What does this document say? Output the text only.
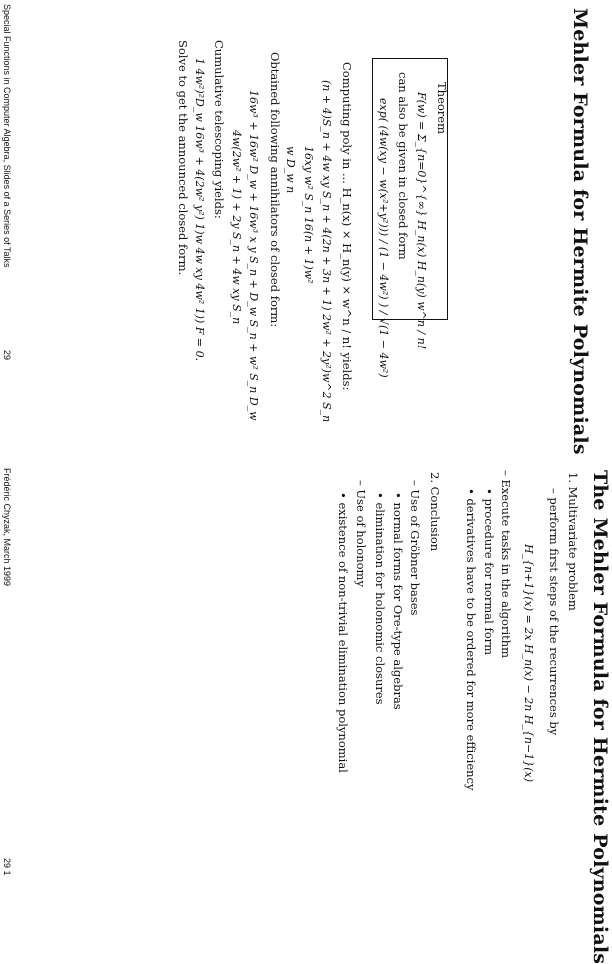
Mehler Formula for Hermite Polynomials
Theorem
F(w) = Σ_{n=0}^{∞} H_n(x) H_n(y) w^n / n!
can also be given in closed form
exp( (4w(xy − w(x²+y²))) / (1 − 4w²) ) / √(1 − 4w²)
Computing poly in ... H_n(x) × H_n(y) × w^n / n! yields:
(n + 4)S_n + 4w xy S_n + 4(2n + 3n + 1) 2w² + 2y²)w^2 S_n
16xy w² S_n 16(n + 1)w²
w D_w n
Obtained following annihilators of closed form:
16w³ + 16w² D_w + 16w³ x y S_n + D_w S_n + w² S_n D_w
4w(2w² + 1) + 2y S_n + 4w xy S_n
Cumulative telescoping yields:
1 4w²)²D_w 16w³ + 4(2w² y²) 1)w 4w xy 4w² 1)) F = 0.
Solve to get the announced closed form.
Special Functions in Computer Algebra, Slides of a Series of Talks
29
The Mehler Formula for Hermite Polynomials
1. Multivariate problem
– perform first steps of the recurrences by
H_{n+1}(x) = 2x H_n(x) − 2n H_{n−1}(x)
– Execute tasks in the algorithm
• procedure for normal form
• derivatives have to be ordered for more efficiency
2. Conclusion
– Use of Gröbner bases
• normal forms for Ore-type algebras
• elimination for holonomic closures
– Use of holonomy
• existence of non-trivial elimination polynomial
Frédéric Chyzak, March 1999
29 1
